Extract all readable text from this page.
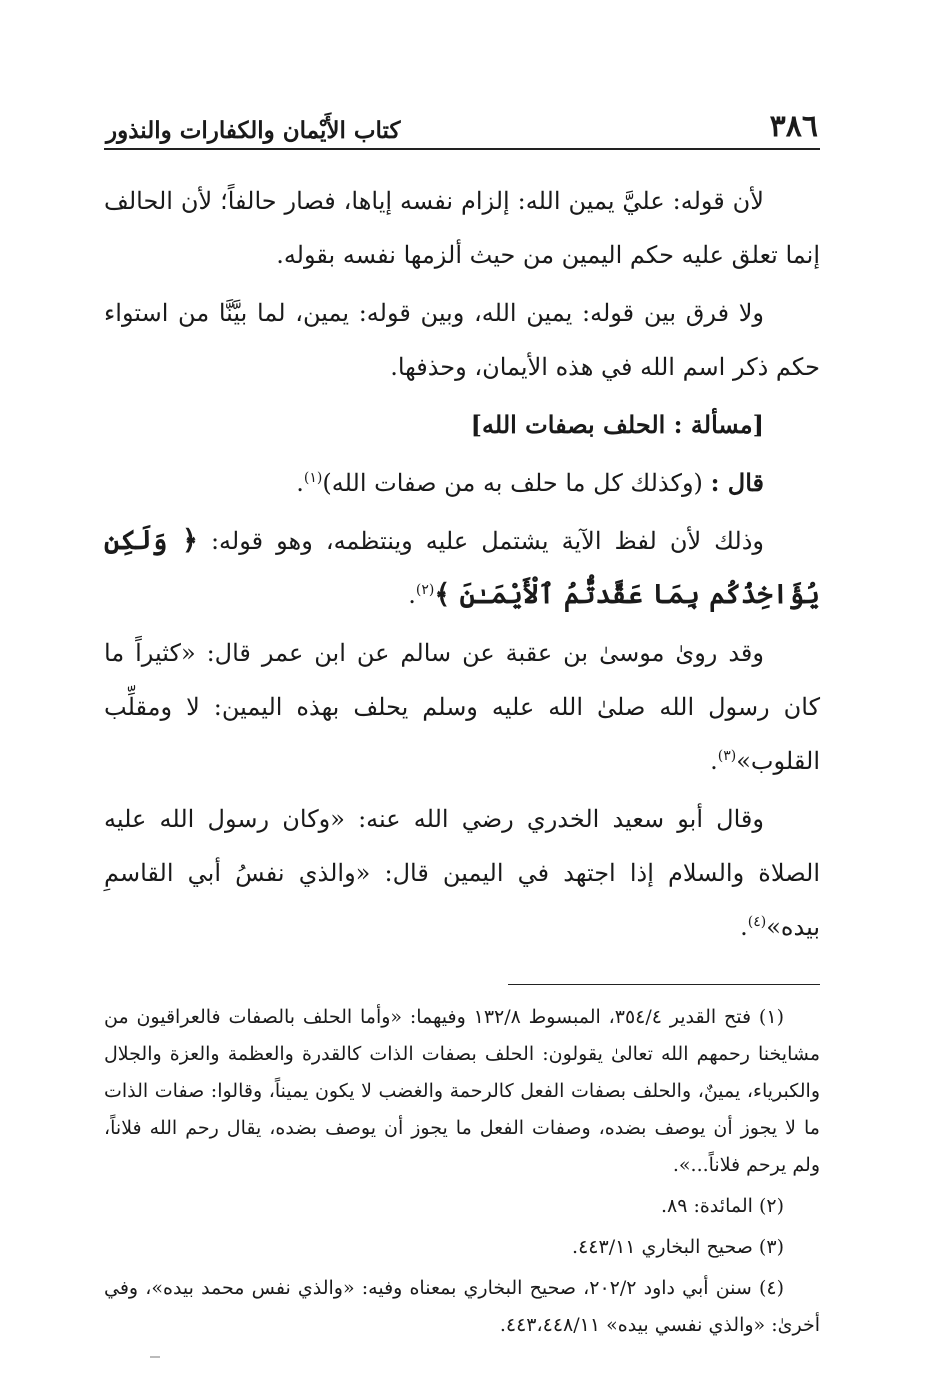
٣٨٦
كتاب الأَيْمان والكفارات والنذور

لأن قوله: عليَّ يمين الله: إلزام نفسه إياها، فصار حالفاً؛ لأن الحالف إنما تعلق عليه حكم اليمين من حيث ألزمها نفسه بقوله.

ولا فرق بين قوله: يمين الله، وبين قوله: يمين، لما بيَّنَّا من استواء حكم ذكر اسم الله في هذه الأيمان، وحذفها.

[مسألة : الحلف بصفات الله]

قال : (وكذلك كل ما حلف به من صفات الله)$^{(١)}$.

وذلك لأن لفظ الآية يشتمل عليه وينتظمه، وهو قوله: ﴿ وَلَكِن يُؤَاخِذُكُم بِمَا عَقَّدتُّمُ ٱلْأَيْمَـٰنَ ﴾$^{(٢)}$.

وقد روىٰ موسىٰ بن عقبة عن سالم عن ابن عمر قال: «كثيراً ما كان رسول الله صلىٰ الله عليه وسلم يحلف بهذه اليمين: لا ومقلِّب القلوب»$^{(٣)}$.

وقال أبو سعيد الخدري رضي الله عنه: «وكان رسول الله عليه الصلاة والسلام إذا اجتهد في اليمين قال: «والذي نفسُ أبي القاسمِ بيده»$^{(٤)}$.

(١) فتح القدير ٣٥٤/٤، المبسوط ١٣٢/٨ وفيهما: «وأما الحلف بالصفات فالعراقيون من مشايخنا رحمهم الله تعالىٰ يقولون: الحلف بصفات الذات كالقدرة والعظمة والعزة والجلال والكبرياء، يمينٌ، والحلف بصفات الفعل كالرحمة والغضب لا يكون يميناً، وقالوا: صفات الذات ما لا يجوز أن يوصف بضده، وصفات الفعل ما يجوز أن يوصف بضده، يقال رحم الله فلاناً، ولم يرحم فلاناً...».

(٢) المائدة: ٨٩.

(٣) صحيح البخاري ٤٤٣/١١.

(٤) سنن أبي داود ٢٠٢/٢، صحيح البخاري بمعناه وفيه: «والذي نفس محمد بيده»، وفي أخرىٰ: «والذي نفسي بيده» ٤٤٣،٤٤٨/١١.
